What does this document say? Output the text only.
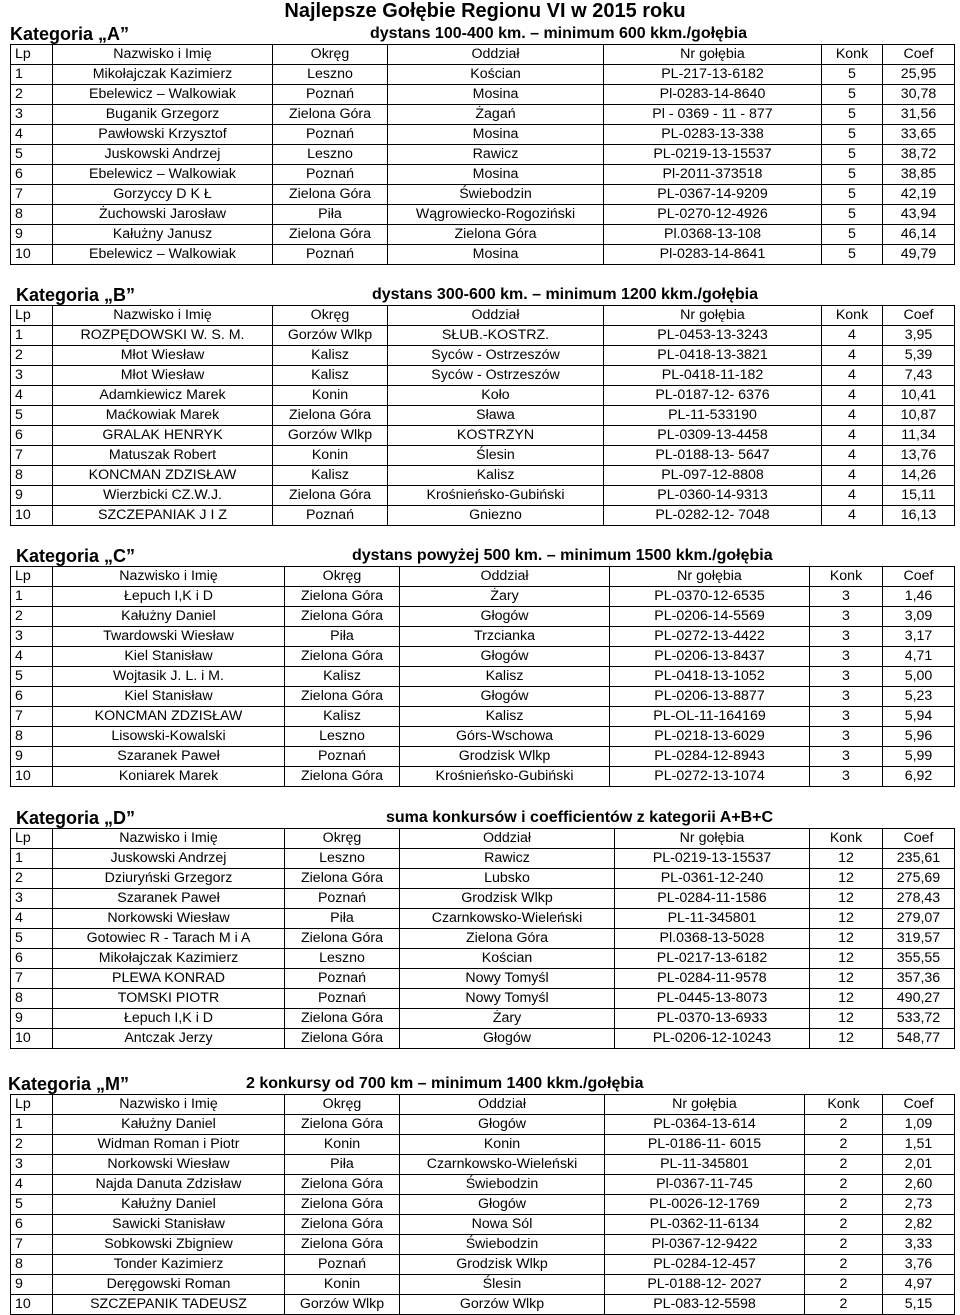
Najlepsze Gołębie Regionu VI w 2015 roku
Kategoria „A”	dystans 100-400 km. – minimum 600 kkm./gołębia
Lp	Nazwisko i Imię	Okręg	Oddział	Nr gołębia	Konk	Coef
1	Mikołajczak Kazimierz	Leszno	Kościan	PL-217-13-6182	5	25,95
2	Ebelewicz – Walkowiak	Poznań	Mosina	Pl-0283-14-8640	5	30,78
3	Buganik Grzegorz	Zielona Góra	Żagań	Pl - 0369 - 11 - 877	5	31,56
4	Pawłowski Krzysztof	Poznań	Mosina	PL-0283-13-338	5	33,65
5	Juskowski Andrzej	Leszno	Rawicz	PL-0219-13-15537	5	38,72
6	Ebelewicz – Walkowiak	Poznań	Mosina	Pl-2011-373518	5	38,85
7	Gorzyccy D K Ł	Zielona Góra	Świebodzin	PL-0367-14-9209	5	42,19
8	Żuchowski Jarosław	Piła	Wągrowiecko-Rogoziński	PL-0270-12-4926	5	43,94
9	Kałużny Janusz	Zielona Góra	Zielona Góra	Pl.0368-13-108	5	46,14
10	Ebelewicz – Walkowiak	Poznań	Mosina	Pl-0283-14-8641	5	49,79
Kategoria „B”	dystans 300-600 km. – minimum 1200 kkm./gołębia
Lp	Nazwisko i Imię	Okręg	Oddział	Nr gołębia	Konk	Coef
1	ROZPĘDOWSKI W. S. M.	Gorzów Wlkp	SŁUB.-KOSTRZ.	PL-0453-13-3243	4	3,95
2	Młot Wiesław	Kalisz	Syców - Ostrzeszów	PL-0418-13-3821	4	5,39
3	Młot Wiesław	Kalisz	Syców - Ostrzeszów	PL-0418-11-182	4	7,43
4	Adamkiewicz Marek	Konin	Koło	PL-0187-12- 6376	4	10,41
5	Maćkowiak Marek	Zielona Góra	Sława	PL-11-533190	4	10,87
6	GRALAK HENRYK	Gorzów Wlkp	KOSTRZYN	PL-0309-13-4458	4	11,34
7	Matuszak Robert	Konin	Ślesin	PL-0188-13- 5647	4	13,76
8	KONCMAN ZDZISŁAW	Kalisz	Kalisz	PL-097-12-8808	4	14,26
9	Wierzbicki CZ.W.J.	Zielona Góra	Krośnieńsko-Gubiński	PL-0360-14-9313	4	15,11
10	SZCZEPANIAK J I Z	Poznań	Gniezno	PL-0282-12- 7048	4	16,13
Kategoria „C”	dystans powyżej 500 km. – minimum 1500 kkm./gołębia
Lp	Nazwisko i Imię	Okręg	Oddział	Nr gołębia	Konk	Coef
1	Łepuch I,K i D	Zielona Góra	Żary	PL-0370-12-6535	3	1,46
2	Kałużny Daniel	Zielona Góra	Głogów	PL-0206-14-5569	3	3,09
3	Twardowski Wiesław	Piła	Trzcianka	PL-0272-13-4422	3	3,17
4	Kiel Stanisław	Zielona Góra	Głogów	PL-0206-13-8437	3	4,71
5	Wojtasik J. L. i M.	Kalisz	Kalisz	PL-0418-13-1052	3	5,00
6	Kiel Stanisław	Zielona Góra	Głogów	PL-0206-13-8877	3	5,23
7	KONCMAN ZDZISŁAW	Kalisz	Kalisz	PL-OL-11-164169	3	5,94
8	Lisowski-Kowalski	Leszno	Górs-Wschowa	PL-0218-13-6029	3	5,96
9	Szaranek Paweł	Poznań	Grodzisk Wlkp	PL-0284-12-8943	3	5,99
10	Koniarek Marek	Zielona Góra	Krośnieńsko-Gubiński	PL-0272-13-1074	3	6,92
Kategoria „D”	suma konkursów i coefficientów z kategorii A+B+C
Lp	Nazwisko i Imię	Okręg	Oddział	Nr gołębia	Konk	Coef
1	Juskowski Andrzej	Leszno	Rawicz	PL-0219-13-15537	12	235,61
2	Dziuryński Grzegorz	Zielona Góra	Lubsko	PL-0361-12-240	12	275,69
3	Szaranek Paweł	Poznań	Grodzisk Wlkp	PL-0284-11-1586	12	278,43
4	Norkowski Wiesław	Piła	Czarnkowsko-Wieleński	PL-11-345801	12	279,07
5	Gotowiec R - Tarach M i A	Zielona Góra	Zielona Góra	Pl.0368-13-5028	12	319,57
6	Mikołajczak Kazimierz	Leszno	Kościan	PL-0217-13-6182	12	355,55
7	PLEWA KONRAD	Poznań	Nowy Tomyśl	PL-0284-11-9578	12	357,36
8	TOMSKI PIOTR	Poznań	Nowy Tomyśl	PL-0445-13-8073	12	490,27
9	Łepuch I,K i D	Zielona Góra	Żary	PL-0370-13-6933	12	533,72
10	Antczak Jerzy	Zielona Góra	Głogów	PL-0206-12-10243	12	548,77
Kategoria „M”	2 konkursy od 700 km – minimum 1400 kkm./gołębia
Lp	Nazwisko i Imię	Okręg	Oddział	Nr gołębia	Konk	Coef
1	Kałużny Daniel	Zielona Góra	Głogów	PL-0364-13-614	2	1,09
2	Widman Roman i Piotr	Konin	Konin	PL-0186-11- 6015	2	1,51
3	Norkowski Wiesław	Piła	Czarnkowsko-Wieleński	PL-11-345801	2	2,01
4	Najda Danuta Zdzisław	Zielona Góra	Świebodzin	Pl-0367-11-745	2	2,60
5	Kałużny Daniel	Zielona Góra	Głogów	PL-0026-12-1769	2	2,73
6	Sawicki Stanisław	Zielona Góra	Nowa Sól	PL-0362-11-6134	2	2,82
7	Sobkowski Zbigniew	Zielona Góra	Świebodzin	Pl-0367-12-9422	2	3,33
8	Tonder Kazimierz	Poznań	Grodzisk Wlkp	PL-0284-12-457	2	3,76
9	Deręgowski Roman	Konin	Ślesin	PL-0188-12- 2027	2	4,97
10	SZCZEPANIK TADEUSZ	Gorzów Wlkp	Gorzów Wlkp	PL-083-12-5598	2	5,15
